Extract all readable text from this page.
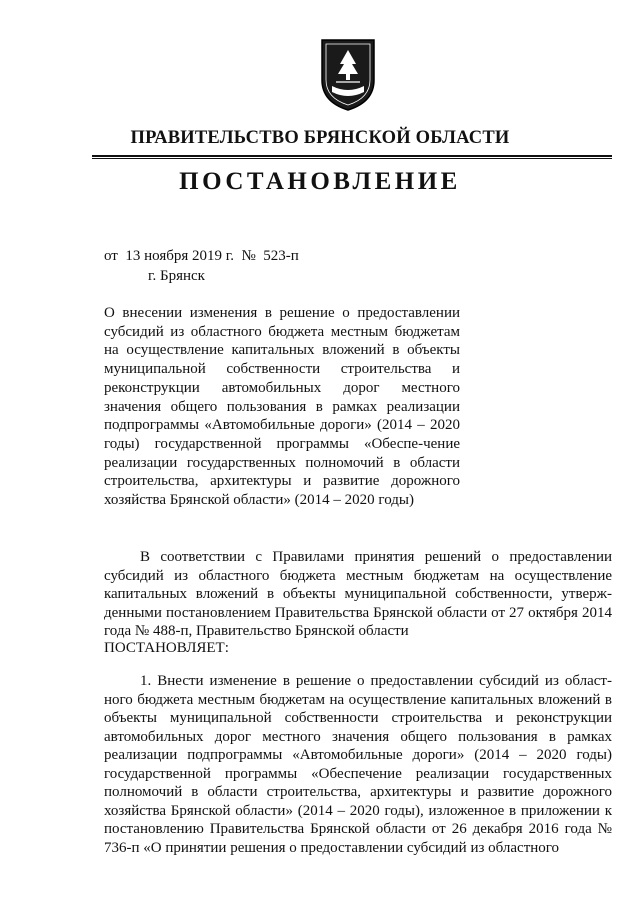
ПРАВИТЕЛЬСТВО БРЯНСКОЙ ОБЛАСТИ
ПОСТАНОВЛЕНИЕ
от  13 ноября 2019 г.  №  523-п
г. Брянск
О внесении изменения в решение о предоставлении субсидий из областного бюджета местным бюджетам на осуществление капитальных вложений в объекты муниципальной собственности строительства и реконструкции автомобильных дорог местного значения общего пользования в рамках реализации подпрограммы «Автомобильные дороги» (2014 – 2020 годы) государственной программы «Обеспе-чение реализации государственных полномочий в области строительства, архитектуры и развитие дорожного хозяйства Брянской области» (2014 – 2020 годы)
В соответствии с Правилами принятия решений о предоставлении субсидий из областного бюджета местным бюджетам на осуществление капитальных вложений в объекты муниципальной собственности, утверж-денными постановлением Правительства Брянской области от 27 октября 2014 года № 488-п, Правительство Брянской области
ПОСТАНОВЛЯЕТ:
1. Внести изменение в решение о предоставлении субсидий из област-ного бюджета местным бюджетам на осуществление капитальных вложений в объекты муниципальной собственности строительства и реконструкции автомобильных дорог местного значения общего пользования в рамках реализации подпрограммы «Автомобильные дороги» (2014 – 2020 годы) государственной программы «Обеспечение реализации государственных полномочий в области строительства, архитектуры и развитие дорожного хозяйства Брянской области» (2014 – 2020 годы), изложенное в приложении к постановлению Правительства Брянской области от 26 декабря 2016 года № 736-п «О принятии решения о предоставлении субсидий из областного
